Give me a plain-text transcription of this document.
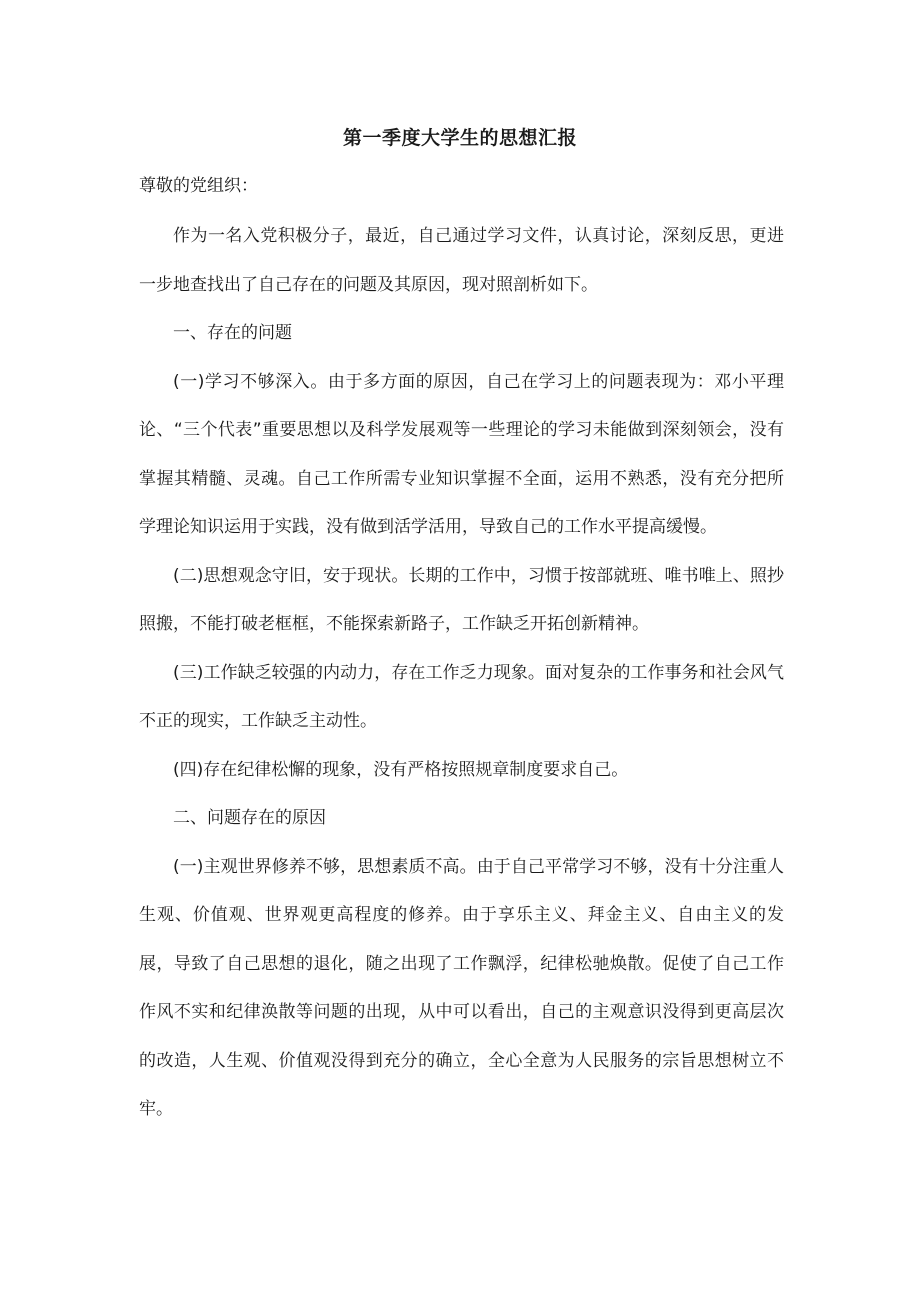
第一季度大学生的思想汇报
尊敬的党组织：

作为一名入党积极分子，最近，自己通过学习文件，认真讨论，深刻反思，更进一步地查找出了自己存在的问题及其原因，现对照剖析如下。

一、存在的问题

(一)学习不够深入。由于多方面的原因，自己在学习上的问题表现为：邓小平理论、“三个代表”重要思想以及科学发展观等一些理论的学习未能做到深刻领会，没有掌握其精髓、灵魂。自己工作所需专业知识掌握不全面，运用不熟悉，没有充分把所学理论知识运用于实践，没有做到活学活用，导致自己的工作水平提高缓慢。

(二)思想观念守旧，安于现状。长期的工作中，习惯于按部就班、唯书唯上、照抄照搬，不能打破老框框，不能探索新路子，工作缺乏开拓创新精神。

(三)工作缺乏较强的内动力，存在工作乏力现象。面对复杂的工作事务和社会风气不正的现实，工作缺乏主动性。

(四)存在纪律松懈的现象，没有严格按照规章制度要求自己。

二、问题存在的原因

(一)主观世界修养不够，思想素质不高。由于自己平常学习不够，没有十分注重人生观、价值观、世界观更高程度的修养。由于享乐主义、拜金主义、自由主义的发展，导致了自己思想的退化，随之出现了工作飘浮，纪律松驰焕散。促使了自己工作作风不实和纪律涣散等问题的出现，从中可以看出，自己的主观意识没得到更高层次的改造，人生观、价值观没得到充分的确立，全心全意为人民服务的宗旨思想树立不牢。
